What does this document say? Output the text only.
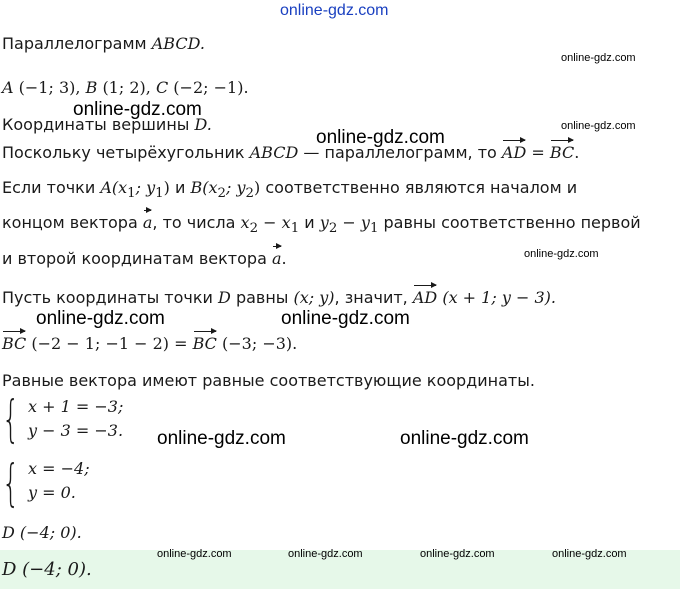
online-gdz.com
Параллелограмм ABCD.
A (−1; 3), B (1; 2), C (−2; −1).
Координаты вершины D.
Поскольку четырёхугольник ABCD — параллелограмм, то AD = BC.
Если точки $A(x_1$; $y_1$) и $B(x_2$; $y_2$) соответственно являются началом и
концом вектора a, то числа $x_2 - x_1$ и $y_2 - y_1$ равны соответственно первой
и второй координатам вектора a.
Пусть координаты точки D равны (x; y), значит, AD (x + 1; y − 3).
BC (−2 − 1; −1 − 2) = BC (−3; −3).
Равные вектора имеют равные соответствующие координаты.
{ x + 1 = −3;
y − 3 = −3.
{ x = −4;
y = 0.
D (−4; 0).
D (−4; 0).
online-gdz.com
online-gdz.com
online-gdz.com
online-gdz.com
online-gdz.com
online-gdz.com	online-gdz.com
online-gdz.com	online-gdz.com
online-gdz.com	online-gdz.com	online-gdz.com	online-gdz.com
